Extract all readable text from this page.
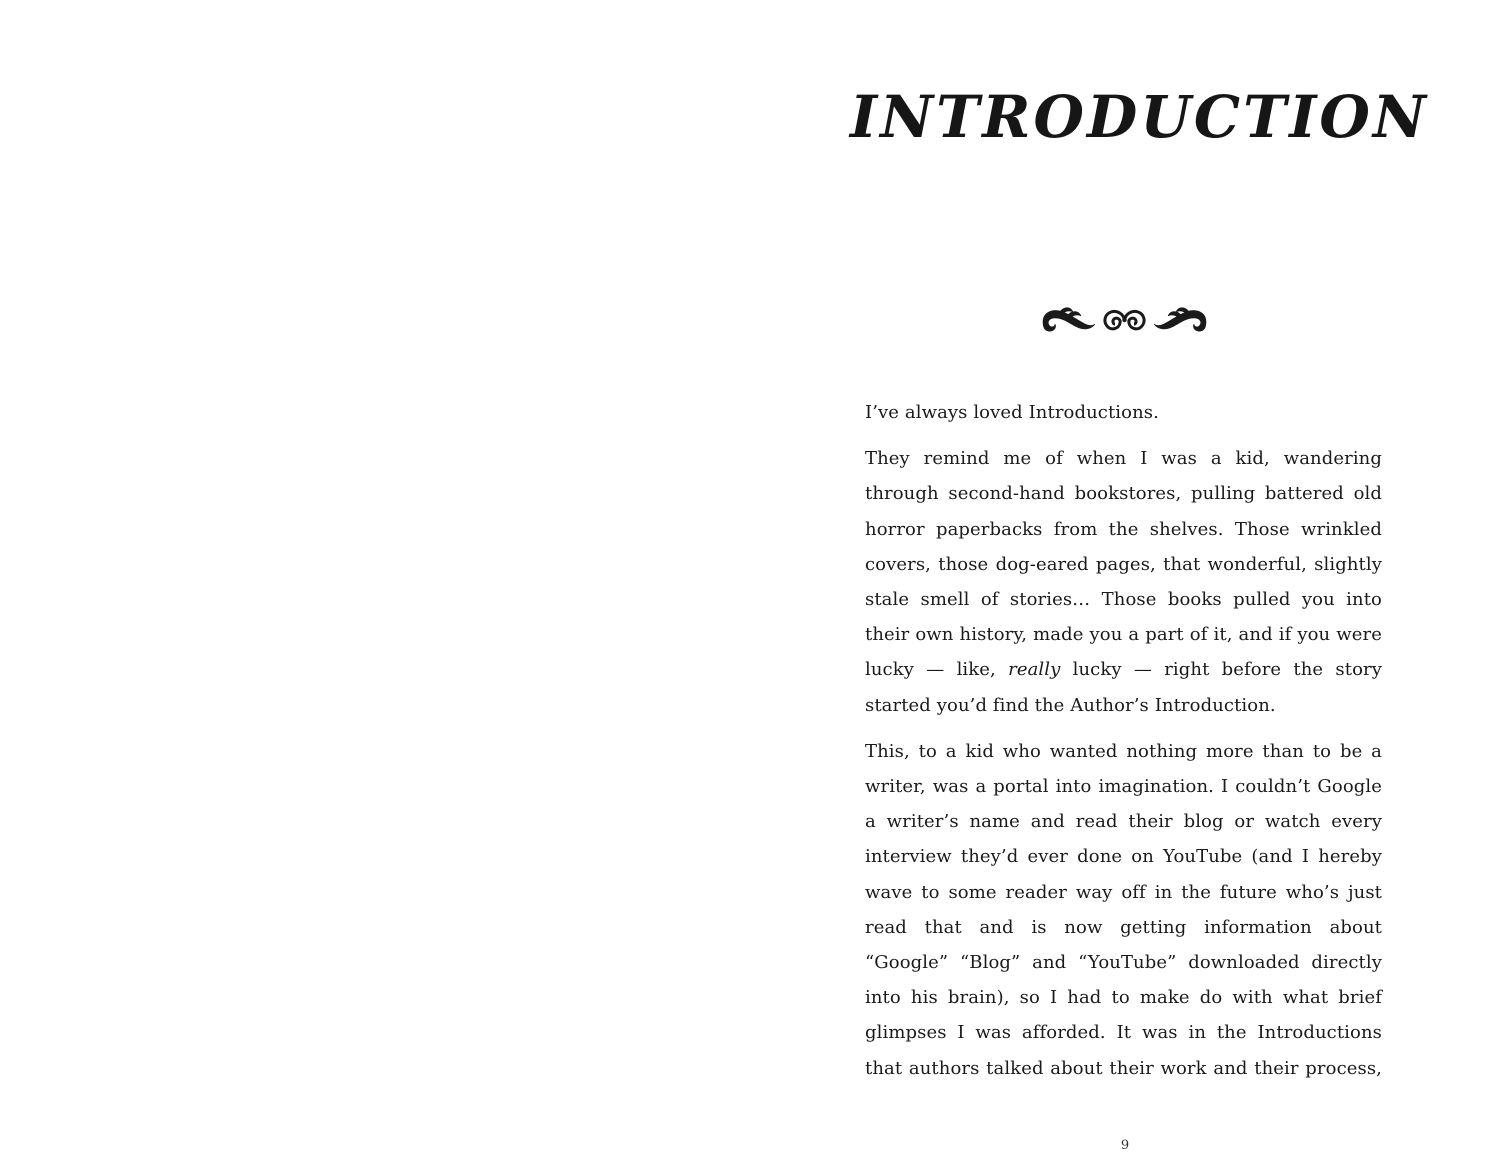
INTRODUCTION

I’ve always loved Introductions.

They remind me of when I was a kid, wandering through second-hand bookstores, pulling battered old horror paperbacks from the shelves. Those wrinkled covers, those dog-eared pages, that wonderful, slightly stale smell of stories… Those books pulled you into their own history, made you a part of it, and if you were lucky — like, really lucky — right before the story started you’d find the Author’s Introduction.

This, to a kid who wanted nothing more than to be a writer, was a portal into imagination. I couldn’t Google a writer’s name and read their blog or watch every interview they’d ever done on YouTube (and I hereby wave to some reader way off in the future who’s just read that and is now getting information about “Google” “Blog” and “YouTube” downloaded directly into his brain), so I had to make do with what brief glimpses I was afforded. It was in the Introductions that authors talked about their work and their process,

9
